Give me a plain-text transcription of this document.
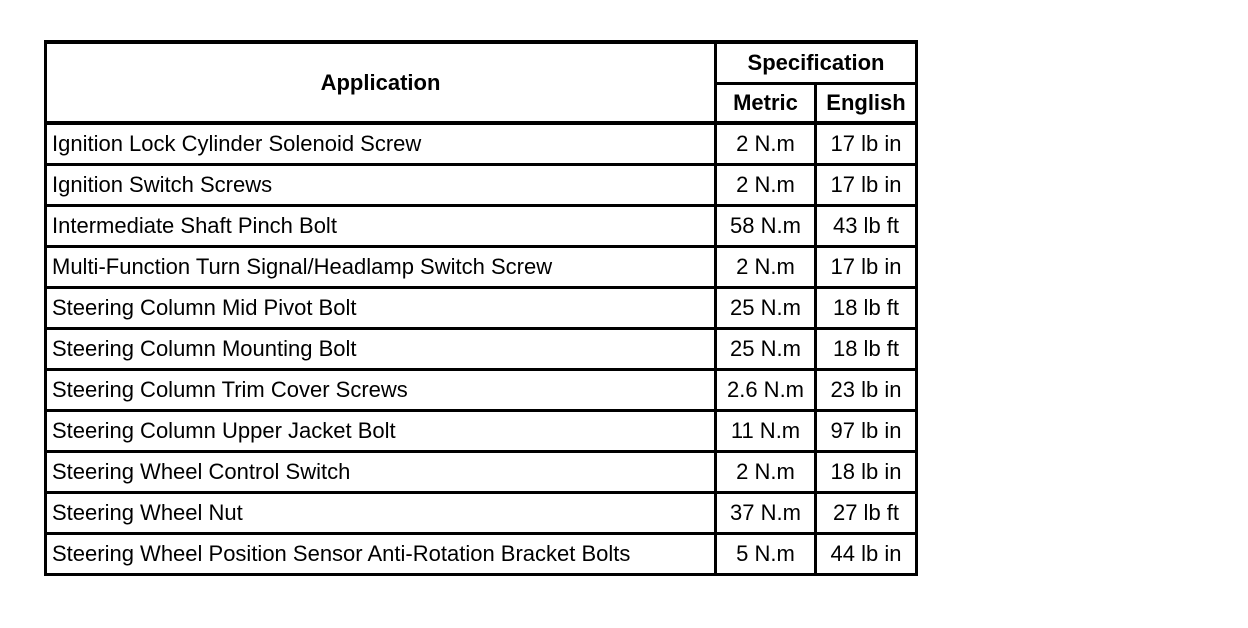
Application	Specification	
	Metric	English
Ignition Lock Cylinder Solenoid Screw	2 N.m	17 lb in
Ignition Switch Screws	2 N.m	17 lb in
Intermediate Shaft Pinch Bolt	58 N.m	43 lb ft
Multi-Function Turn Signal/Headlamp Switch Screw	2 N.m	17 lb in
Steering Column Mid Pivot Bolt	25 N.m	18 lb ft
Steering Column Mounting Bolt	25 N.m	18 lb ft
Steering Column Trim Cover Screws	2.6 N.m	23 lb in
Steering Column Upper Jacket Bolt	11 N.m	97 lb in
Steering Wheel Control Switch	2 N.m	18 lb in
Steering Wheel Nut	37 N.m	27 lb ft
Steering Wheel Position Sensor Anti-Rotation Bracket Bolts	5 N.m	44 lb in
